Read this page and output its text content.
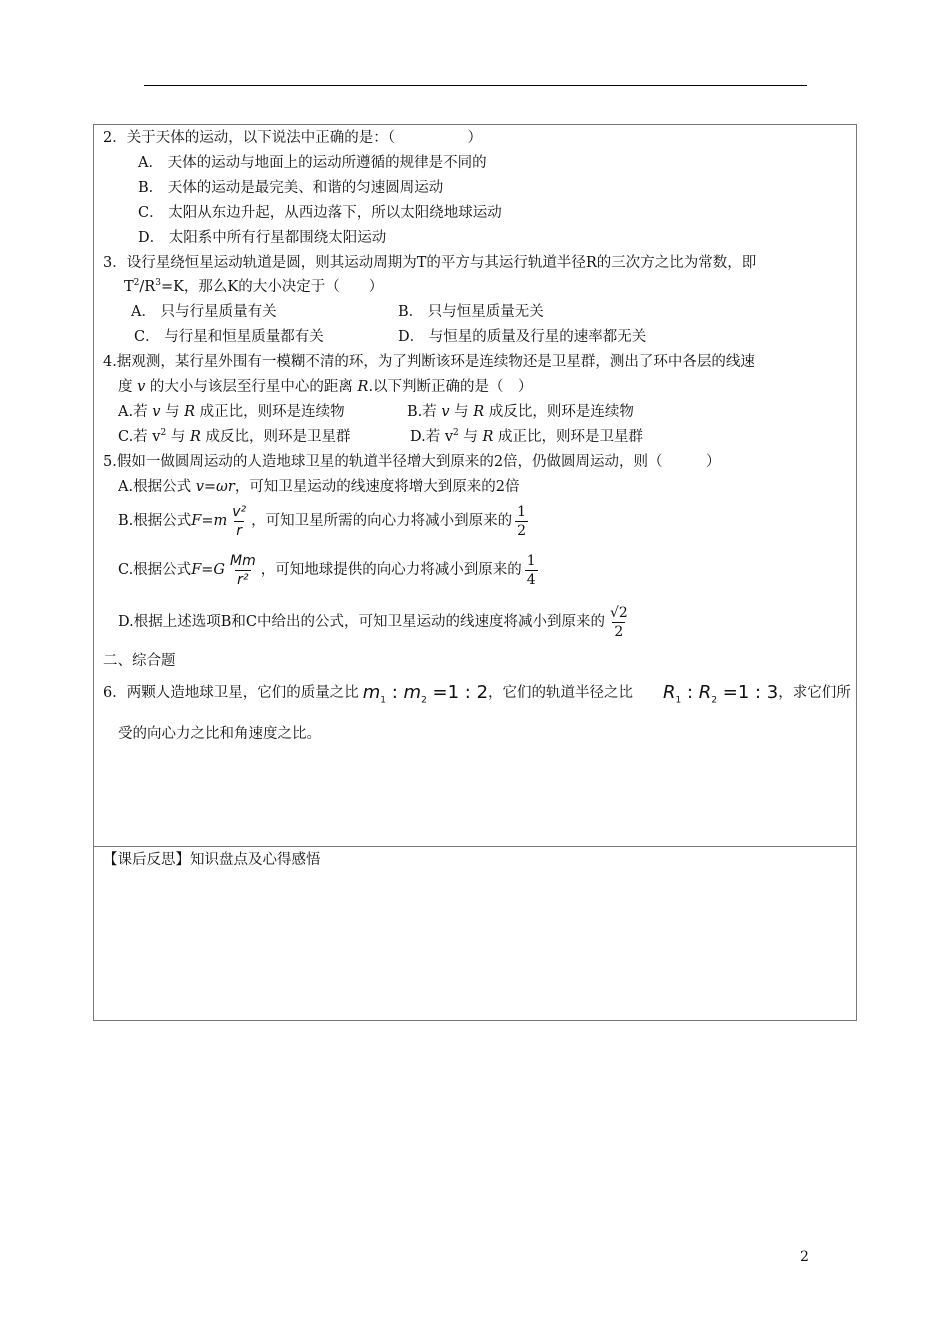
2．关于天体的运动，以下说法中正确的是：（　　　　　）
A． 天体的运动与地面上的运动所遵循的规律是不同的
B． 天体的运动是最完美、和谐的匀速圆周运动
C． 太阳从东边升起，从西边落下，所以太阳绕地球运动
D． 太阳系中所有行星都围绕太阳运动
3．设行星绕恒星运动轨道是圆，则其运动周期为T的平方与其运行轨道半径R的三次方之比为常数，即
$T^2/R^3=K$，那么K的大小决定于（　　）
A． 只与行星质量有关	B． 只与恒星质量无关
C． 与行星和恒星质量都有关	D． 与恒星的质量及行星的速率都无关
4.据观测，某行星外围有一模糊不清的环，为了判断该环是连续物还是卫星群，测出了环中各层的线速
度 v 的大小与该层至行星中心的距离 R.以下判断正确的是（　）
A.若 v 与 R 成正比，则环是连续物	B.若 v 与 R 成反比，则环是连续物
C.若 $v^2$ 与 R 成反比，则环是卫星群	D.若 $v^2$ 与 R 成正比，则环是卫星群
5.假如一做圆周运动的人造地球卫星的轨道半径增大到原来的2倍，仍做圆周运动，则（　　　）
A.根据公式 v=ωr，可知卫星运动的线速度将增大到原来的2倍
B.根据公式 $F=m \frac{\text{v²}}{r}$ ，可知卫星所需的向心力将减小到原来的 $\frac{1}{2}$
C.根据公式 $F=G \frac{Mm}{\text{r²}}$ ，可知地球提供的向心力将减小到原来的 $\frac{1}{4}$
D.根据上述选项B和C中给出的公式，可知卫星运动的线速度将减小到原来的 $\frac{√2}{2}$
二、综合题
6．两颗人造地球卫星，它们的质量之比 $m_1$ : $m_2 =1$ : 2 ，它们的轨道半径之比 $R_1$ : $R_2 =1$ : 3 ，求它们所
受的向心力之比和角速度之比。
【课后反思】知识盘点及心得感悟
2
